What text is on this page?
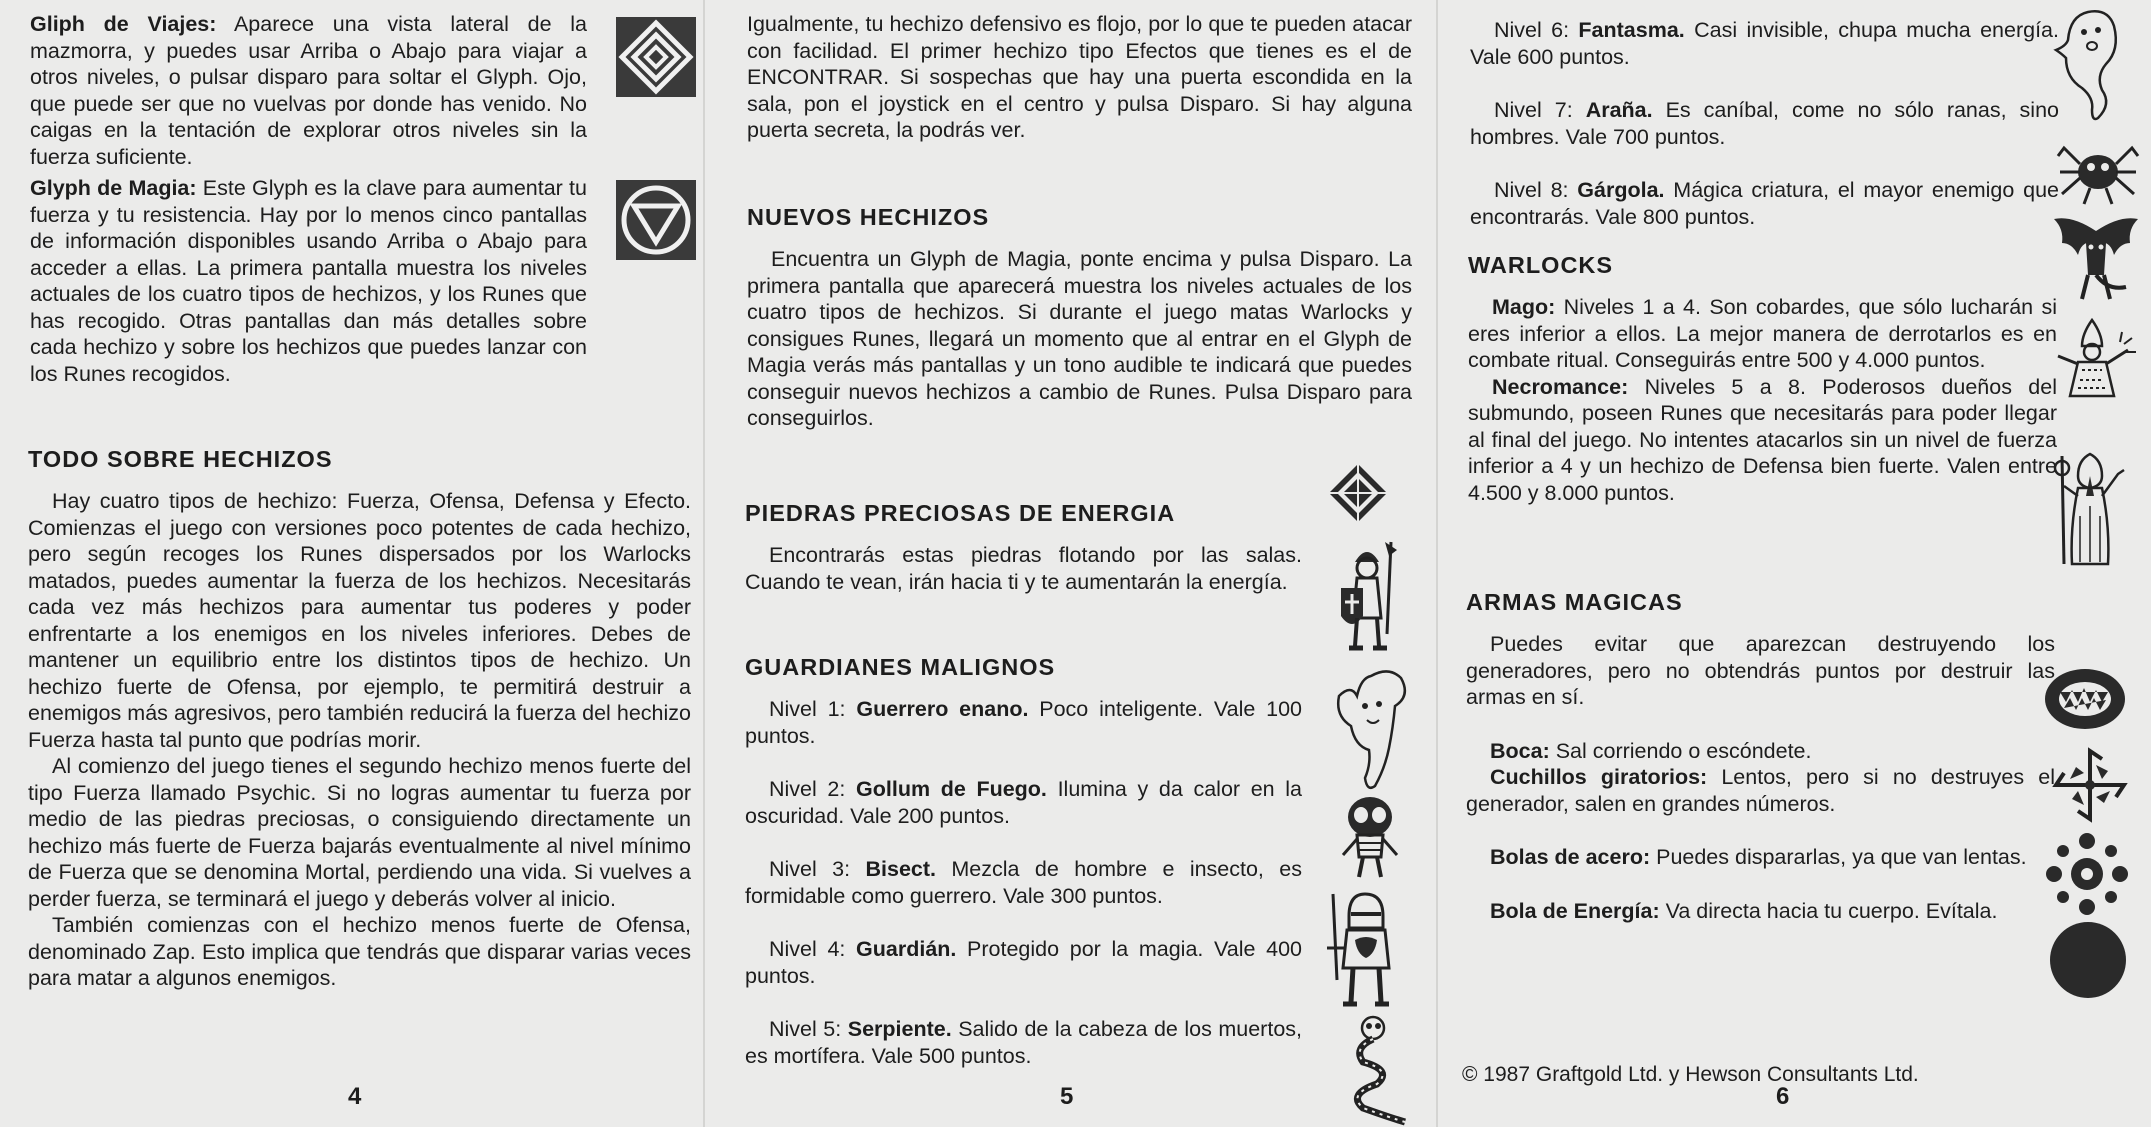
Gliph de Viajes: Aparece una vista lateral de la mazmorra, y puedes usar Arriba o Abajo para viajar a otros niveles, o pulsar disparo para soltar el Glyph. Ojo, que puede ser que no vuelvas por donde has venido. No caigas en la tentación de explorar otros niveles sin la fuerza suficiente.

Glyph de Magia: Este Glyph es la clave para aumentar tu fuerza y tu resistencia. Hay por lo menos cinco pantallas de información disponibles usando Arriba o Abajo para acceder a ellas. La primera pantalla muestra los niveles actuales de los cuatro tipos de hechizos, y los Runes que has recogido. Otras pantallas dan más detalles sobre cada hechizo y sobre los hechizos que puedes lanzar con los Runes recogidos.

TODO SOBRE HECHIZOS

Hay cuatro tipos de hechizo: Fuerza, Ofensa, Defensa y Efecto. Comienzas el juego con versiones poco potentes de cada hechizo, pero según recoges los Runes dispersados por los Warlocks matados, puedes aumentar la fuerza de los hechizos. Necesitarás cada vez más hechizos para aumentar tus poderes y poder enfrentarte a los enemigos en los niveles inferiores. Debes de mantener un equilibrio entre los distintos tipos de hechizo. Un hechizo fuerte de Ofensa, por ejemplo, te permitirá destruir a enemigos más agresivos, pero también reducirá la fuerza del hechizo Fuerza hasta tal punto que podrías morir.

Al comienzo del juego tienes el segundo hechizo menos fuerte del tipo Fuerza llamado Psychic. Si no logras aumentar tu fuerza por medio de las piedras preciosas, o consiguiendo directamente un hechizo más fuerte de Fuerza bajarás eventualmente al nivel mínimo de Fuerza que se denomina Mortal, perdiendo una vida. Si vuelves a perder fuerza, se terminará el juego y deberás volver al inicio.

También comienzas con el hechizo menos fuerte de Ofensa, denominado Zap. Esto implica que tendrás que disparar varias veces para matar a algunos enemigos.

4

Igualmente, tu hechizo defensivo es flojo, por lo que te pueden atacar con facilidad. El primer hechizo tipo Efectos que tienes es el de ENCONTRAR. Si sospechas que hay una puerta escondida en la sala, pon el joystick en el centro y pulsa Disparo. Si hay alguna puerta secreta, la podrás ver.

NUEVOS HECHIZOS

Encuentra un Glyph de Magia, ponte encima y pulsa Disparo. La primera pantalla que aparecerá muestra los niveles actuales de los cuatro tipos de hechizos. Si durante el juego matas Warlocks y consigues Runes, llegará un momento que al entrar en el Glyph de Magia verás más pantallas y un tono audible te indicará que puedes conseguir nuevos hechizos a cambio de Runes. Pulsa Disparo para conseguirlos.

PIEDRAS PRECIOSAS DE ENERGIA

Encontrarás estas piedras flotando por las salas. Cuando te vean, irán hacia ti y te aumentarán la energía.

GUARDIANES MALIGNOS

Nivel 1: Guerrero enano. Poco inteligente. Vale 100 puntos.

Nivel 2: Gollum de Fuego. Ilumina y da calor en la oscuridad. Vale 200 puntos.

Nivel 3: Bisect. Mezcla de hombre e insecto, es formidable como guerrero. Vale 300 puntos.

Nivel 4: Guardián. Protegido por la magia. Vale 400 puntos.

Nivel 5: Serpiente. Salido de la cabeza de los muertos, es mortífera. Vale 500 puntos.

5

Nivel 6: Fantasma. Casi invisible, chupa mucha energía. Vale 600 puntos.

Nivel 7: Araña. Es caníbal, come no sólo ranas, sino hombres. Vale 700 puntos.

Nivel 8: Gárgola. Mágica criatura, el mayor enemigo que encontrarás. Vale 800 puntos.

WARLOCKS

Mago: Niveles 1 a 4. Son cobardes, que sólo lucharán si eres inferior a ellos. La mejor manera de derrotarlos es en combate ritual. Conseguirás entre 500 y 4.000 puntos.

Necromance: Niveles 5 a 8. Poderosos dueños del submundo, poseen Runes que necesitarás para poder llegar al final del juego. No intentes atacarlos sin un nivel de fuerza inferior a 4 y un hechizo de Defensa bien fuerte. Valen entre 4.500 y 8.000 puntos.

ARMAS MAGICAS

Puedes evitar que aparezcan destruyendo los generadores, pero no obtendrás puntos por destruir las armas en sí.

Boca: Sal corriendo o escóndete.

Cuchillos giratorios: Lentos, pero si no destruyes el generador, salen en grandes números.

Bolas de acero: Puedes dispararlas, ya que van lentas.

Bola de Energía: Va directa hacia tu cuerpo. Evítala.

© 1987 Graftgold Ltd. y Hewson Consultants Ltd.
6
